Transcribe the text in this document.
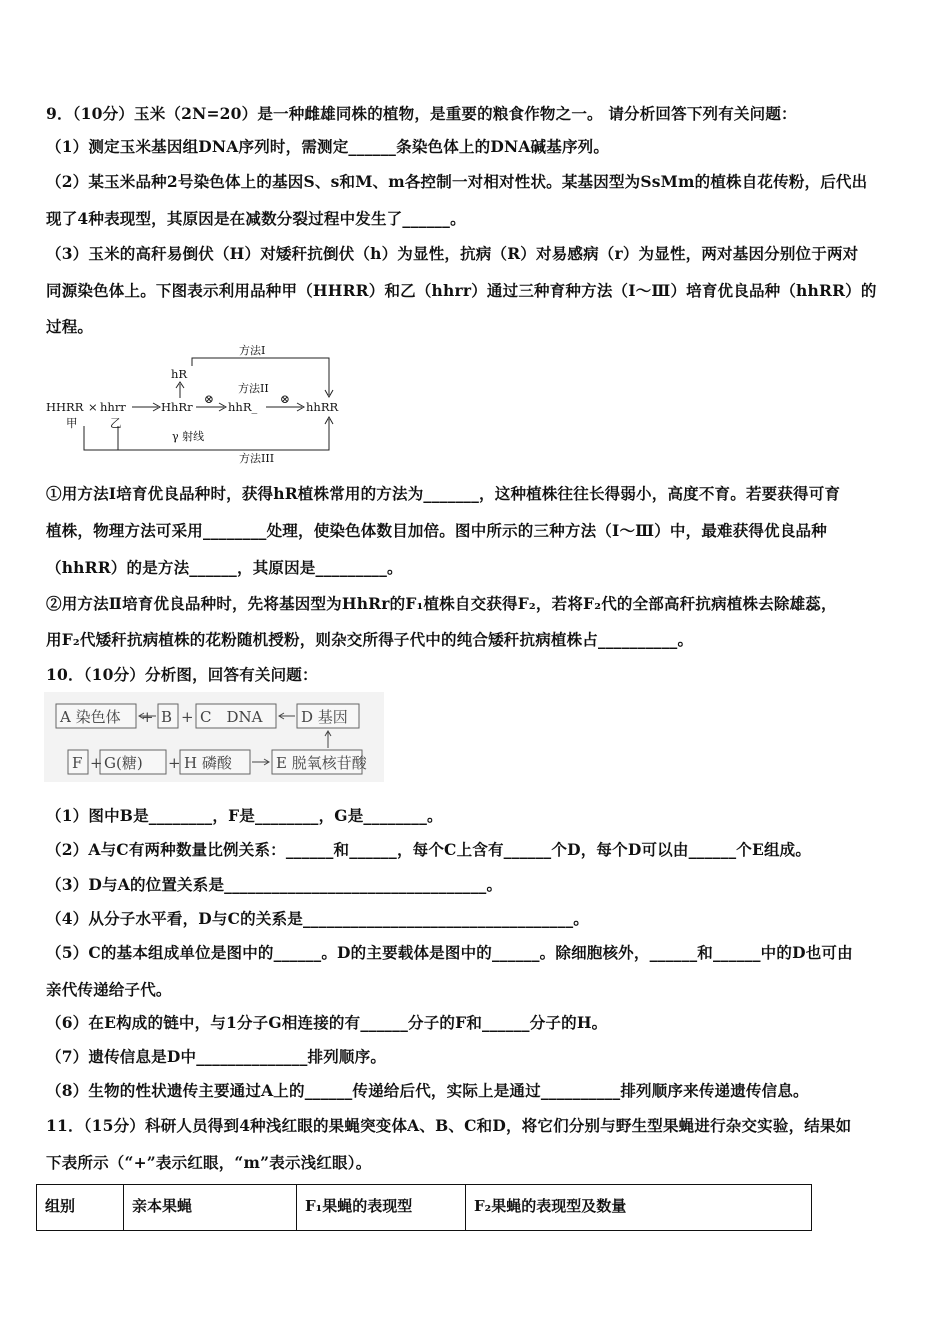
9．（10分）玉米（2N=20）是一种雌雄同株的植物，是重要的粮食作物之一。 请分析回答下列有关问题：
（1）测定玉米基因组DNA序列时，需测定______条染色体上的DNA碱基序列。
（2）某玉米品种2号染色体上的基因S、s和M、m各控制一对相对性状。某基因型为SsMm的植株自花传粉，后代出
现了4种表现型，其原因是在减数分裂过程中发生了______。
（3）玉米的高秆易倒伏（H）对矮秆抗倒伏（h）为显性，抗病（R）对易感病（r）为显性，两对基因分别位于两对
同源染色体上。下图表示利用品种甲（HHRR）和乙（hhrr）通过三种育种方法（Ⅰ～Ⅲ）培育优良品种（hhRR）的
过程。
HHRR × hhrr
甲	乙
HhRr
hR
hhR_	hhRR
⊗	⊗
方法I
方法II
方法III
γ 射线
①用方法Ⅰ培育优良品种时，获得hR植株常用的方法为_______，这种植株往往长得弱小，高度不育。若要获得可育
植株，物理方法可采用________处理，使染色体数目加倍。图中所示的三种方法（Ⅰ～Ⅲ）中，最难获得优良品种
（hhRR）的是方法______，其原因是_________。
②用方法Ⅱ培育优良品种时，先将基因型为HhRr的F₁植株自交获得F₂，若将F₂代的全部高秆抗病植株去除雄蕊，
用F₂代矮秆抗病植株的花粉随机授粉，则杂交所得子代中的纯合矮秆抗病植株占__________。
10．（10分）分析图，回答有关问题：
A 染色体 + B + C　DNA	D 基因
F + G(糖) + H 磷酸	E 脱氧核苷酸
（1）图中B是________，F是________，G是________。
（2）A与C有两种数量比例关系：______和______，每个C上含有______个D，每个D可以由______个E组成。
（3）D与A的位置关系是_________________________________。
（4）从分子水平看，D与C的关系是__________________________________。
（5）C的基本组成单位是图中的______。D的主要载体是图中的______。除细胞核外，______和______中的D也可由
亲代传递给子代。
（6）在E构成的链中，与1分子G相连接的有______分子的F和______分子的H。
（7）遗传信息是D中______________排列顺序。
（8）生物的性状遗传主要通过A上的______传递给后代，实际上是通过__________排列顺序来传递遗传信息。
11．（15分）科研人员得到4种浅红眼的果蝇突变体A、B、C和D，将它们分别与野生型果蝇进行杂交实验，结果如
下表所示（“+”表示红眼，“m”表示浅红眼）。
组别	亲本果蝇	F₁果蝇的表现型	F₂果蝇的表现型及数量
